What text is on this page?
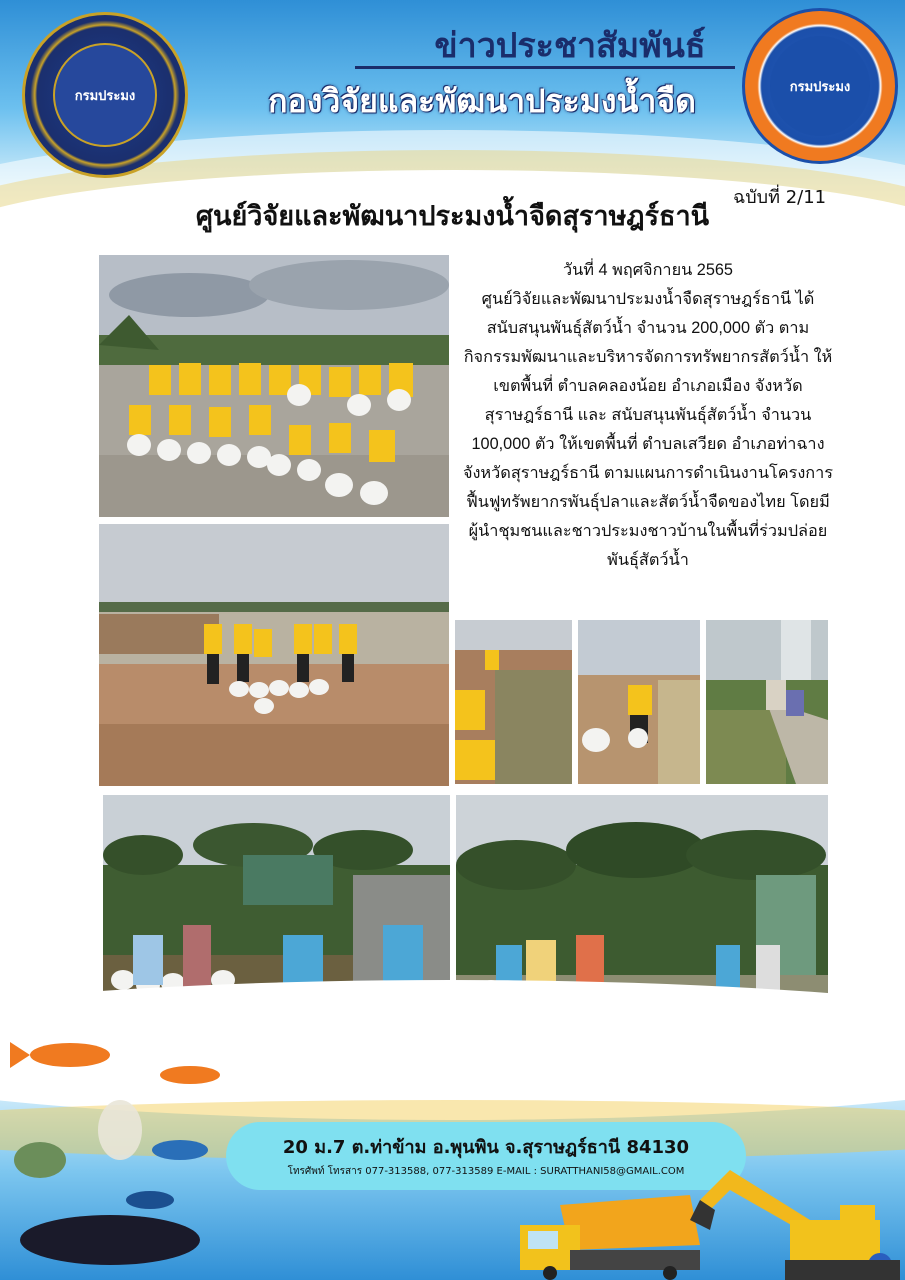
กรมประมง
กรมประมง
ข่าวประชาสัมพันธ์
กองวิจัยและพัฒนาประมงน้ำจืด
ฉบับที่ 2/11
ศูนย์วิจัยและพัฒนาประมงน้ำจืดสุราษฎร์ธานี

วันที่ 4 พฤศจิกายน 2565

ศูนย์วิจัยและพัฒนาประมงน้ำจืดสุราษฎร์ธานี ได้สนับสนุนพันธุ์สัตว์น้ำ จำนวน 200,000 ตัว ตามกิจกรรมพัฒนาและบริหารจัดการทรัพยากรสัตว์น้ำ ให้เขตพื้นที่ ตำบลคลองน้อย อำเภอเมือง จังหวัดสุราษฎร์ธานี และ สนับสนุนพันธุ์สัตว์น้ำ จำนวน 100,000 ตัว ให้เขตพื้นที่ ตำบลเสวียด อำเภอท่าฉาง จังหวัดสุราษฎร์ธานี ตามแผนการดำเนินงานโครงการฟื้นฟูทรัพยากรพันธุ์ปลาและสัตว์น้ำจืดของไทย โดยมีผู้นำชุมชนและชาวประมงชาวบ้านในพื้นที่ร่วมปล่อยพันธุ์สัตว์น้ำ

20 ม.7 ต.ท่าข้าม อ.พุนพิน จ.สุราษฎร์ธานี 84130
โทรศัพท์ โทรสาร 077-313588, 077-313589 E-MAIL : SURATTHANI58@GMAIL.COM
